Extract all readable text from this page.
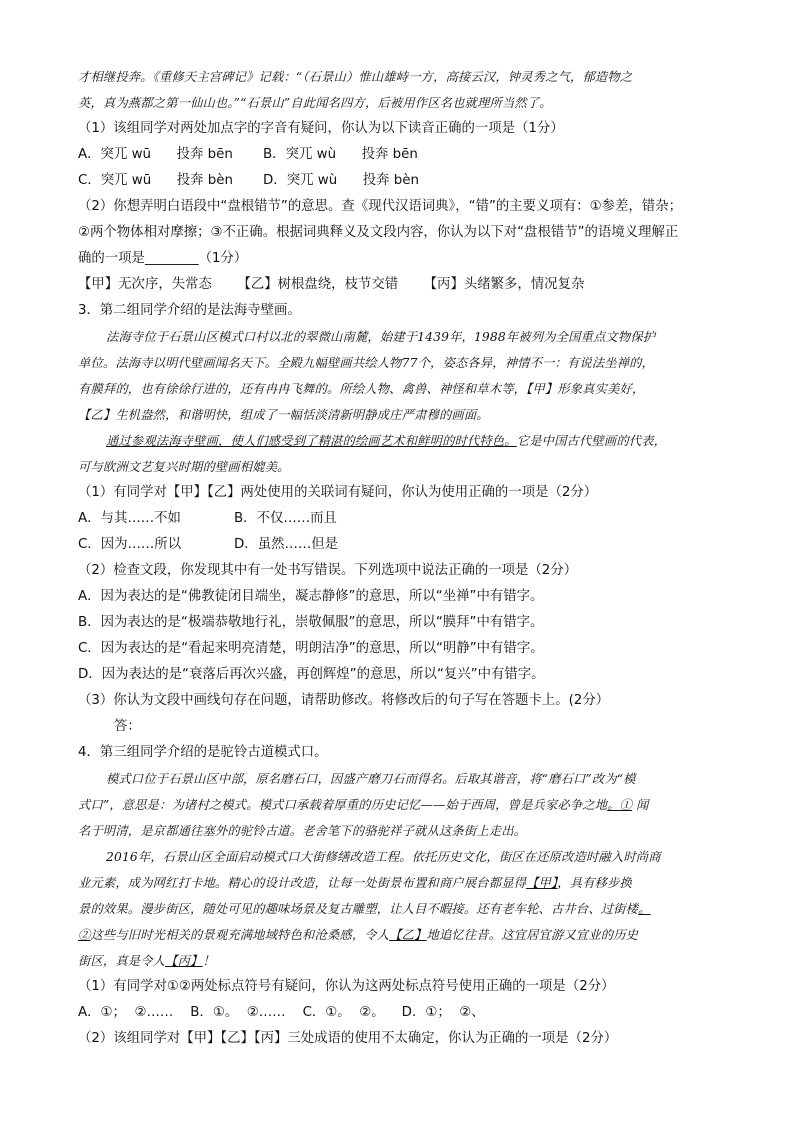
才相继投奔。《重修天主宫碑记》记载：“（石景山）惟山雄峙一方，高接云汉，钟灵秀之气，郁造物之
英，真为燕都之第一仙山也。”“石景山”自此闻名四方，后被用作区名也就理所当然了。
（1）该组同学对两处加点字的字音有疑问，你认为以下读音正确的一项是（1分）
A．突兀 wū      投奔 bēn	B．突兀 wù      投奔 bēn
C．突兀 wū      投奔 bèn	D．突兀 wù      投奔 bèn
（2）你想弄明白语段中“盘根错节”的意思。查《现代汉语词典》，“错”的主要义项有：①参差，错杂；
②两个物体相对摩擦；③不正确。根据词典释义及文段内容，你认为以下对“盘根错节”的语境义理解正
确的一项是________（1分）
【甲】无次序，失常态      【乙】树根盘绕，枝节交错      【丙】头绪繁多，情况复杂
3．第二组同学介绍的是法海寺壁画。
法海寺位于石景山区模式口村以北的翠微山南麓，始建于1439年，1988年被列为全国重点文物保护
单位。法海寺以明代壁画闻名天下。全殿九幅壁画共绘人物77个，姿态各异，神情不一：有说法坐禅的，
有膜拜的，也有徐徐行进的，还有冉冉飞舞的。所绘人物、禽兽、神怪和草木等，【甲】形象真实美好，
【乙】生机盎然，和谐明快，组成了一幅恬淡清新明静成庄严肃穆的画面。
通过参观法海寺壁画，使人们感受到了精湛的绘画艺术和鲜明的时代特色。它是中国古代壁画的代表，
可与欧洲文艺复兴时期的壁画相媲美。
（1）有同学对【甲】【乙】两处使用的关联词有疑问，你认为使用正确的一项是（2分）
A．与其……不如	B．不仅……而且
C．因为……所以	D．虽然……但是
（2）检查文段，你发现其中有一处书写错误。下列选项中说法正确的一项是（2分）
A．因为表达的是“佛教徒闭目端坐，凝志静修”的意思，所以“坐禅”中有错字。
B．因为表达的是“极端恭敬地行礼，崇敬佩服”的意思，所以“膜拜”中有错字。
C．因为表达的是“看起来明亮清楚，明朗洁净”的意思，所以“明静”中有错字。
D．因为表达的是“衰落后再次兴盛，再创辉煌”的意思，所以“复兴”中有错字。
（3）你认为文段中画线句存在问题，请帮助修改。将修改后的句子写在答题卡上。(2分）
答：
4．第三组同学介绍的是驼铃古道模式口。
模式口位于石景山区中部，原名磨石口，因盛产磨刀石而得名。后取其谐音，将“磨石口”改为“模
式口”，意思是：为诸村之模式。模式口承载着厚重的历史记忆——始于西周，曾是兵家必争之地。① 闻
名于明清，是京都通往塞外的驼铃古道。老舍笔下的骆驼祥子就从这条街上走出。
2016年，石景山区全面启动模式口大街修缮改造工程。依托历史文化，街区在还原改造时融入时尚商
业元素，成为网红打卡地。精心的设计改造，让每一处街景布置和商户展台都显得【甲】，具有移步换
景的效果。漫步街区，随处可见的趣味场景及复古雕塑，让人目不暇接。还有老车轮、古井台、过街楼。
②这些与旧时光相关的景观充满地域特色和沧桑感，令人【乙】地追忆往昔。这宜居宜游又宜业的历史
街区，真是令人【丙】！
（1）有同学对①②两处标点符号有疑问，你认为这两处标点符号使用正确的一项是（2分）
A．①；  ②……    B．①。  ②……    C．①。  ②。    D．①；  ②、
（2）该组同学对【甲】【乙】【丙】三处成语的使用不太确定，你认为正确的一项是（2分）
